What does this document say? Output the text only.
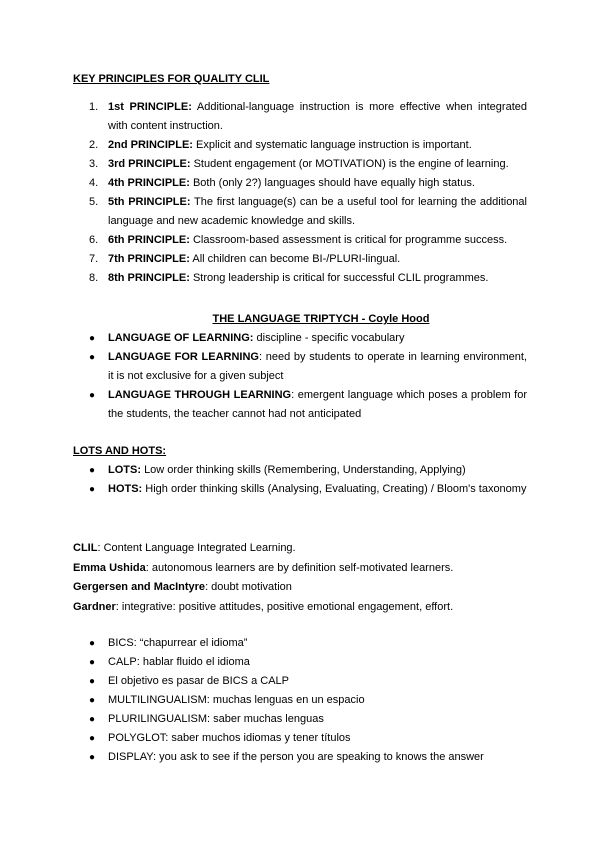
KEY PRINCIPLES FOR QUALITY CLIL
1. 1st PRINCIPLE: Additional-language instruction is more effective when integrated with content instruction.
2. 2nd PRINCIPLE: Explicit and systematic language instruction is important.
3. 3rd PRINCIPLE: Student engagement (or MOTIVATION) is the engine of learning.
4. 4th PRINCIPLE: Both (only 2?) languages should have equally high status.
5. 5th PRINCIPLE: The first language(s) can be a useful tool for learning the additional language and new academic knowledge and skills.
6. 6th PRINCIPLE: Classroom-based assessment is critical for programme success.
7. 7th PRINCIPLE: All children can become BI-/PLURI-lingual.
8. 8th PRINCIPLE: Strong leadership is critical for successful CLIL programmes.
THE LANGUAGE TRIPTYCH - Coyle Hood
● LANGUAGE OF LEARNING: discipline - specific vocabulary
● LANGUAGE FOR LEARNING: need by students to operate in learning environment, it is not exclusive for a given subject
● LANGUAGE THROUGH LEARNING: emergent language which poses a problem for the students, the teacher cannot had not anticipated
LOTS AND HOTS:
● LOTS: Low order thinking skills (Remembering, Understanding, Applying)
● HOTS: High order thinking skills (Analysing, Evaluating, Creating) / Bloom's taxonomy

CLIL: Content Language Integrated Learning.

Emma Ushida: autonomous learners are by definition self-motivated learners.

Gergersen and MacIntyre: doubt motivation

Gardner: integrative: positive attitudes, positive emotional engagement, effort.

● BICS: “chapurrear el idioma”
● CALP: hablar fluido el idioma
● El objetivo es pasar de BICS a CALP
● MULTILINGUALISM: muchas lenguas en un espacio
● PLURILINGUALISM: saber muchas lenguas
● POLYGLOT: saber muchos idiomas y tener títulos
● DISPLAY: you ask to see if the person you are speaking to knows the answer
